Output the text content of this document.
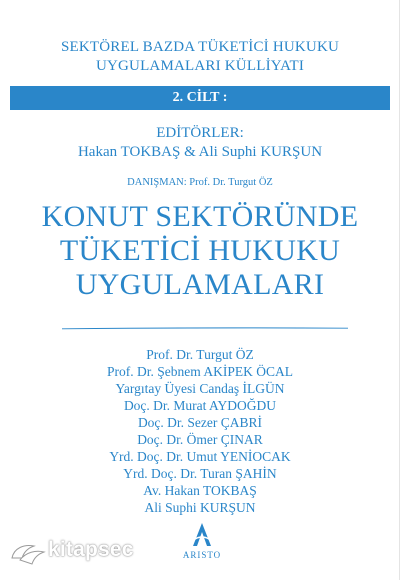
SEKTÖREL BAZDA TÜKETİCİ HUKUKU
UYGULAMALARI KÜLLİYATI
2. CİLT :
EDİTÖRLER:
Hakan TOKBAŞ & Ali Suphi KURŞUN
DANIŞMAN: Prof. Dr. Turgut ÖZ
KONUT SEKTÖRÜNDE
TÜKETİCİ HUKUKU
UYGULAMALARI
Prof. Dr. Turgut ÖZ
Prof. Dr. Şebnem AKİPEK ÖCAL
Yargıtay Üyesi Candaş İLGÜN
Doç. Dr. Murat AYDOĞDU
Doç. Dr. Sezer ÇABRİ
Doç. Dr. Ömer ÇINAR
Yrd. Doç. Dr. Umut YENİOCAK
Yrd. Doç. Dr. Turan ŞAHİN
Av. Hakan TOKBAŞ
Ali Suphi KURŞUN
ARISTO
kitapsec
